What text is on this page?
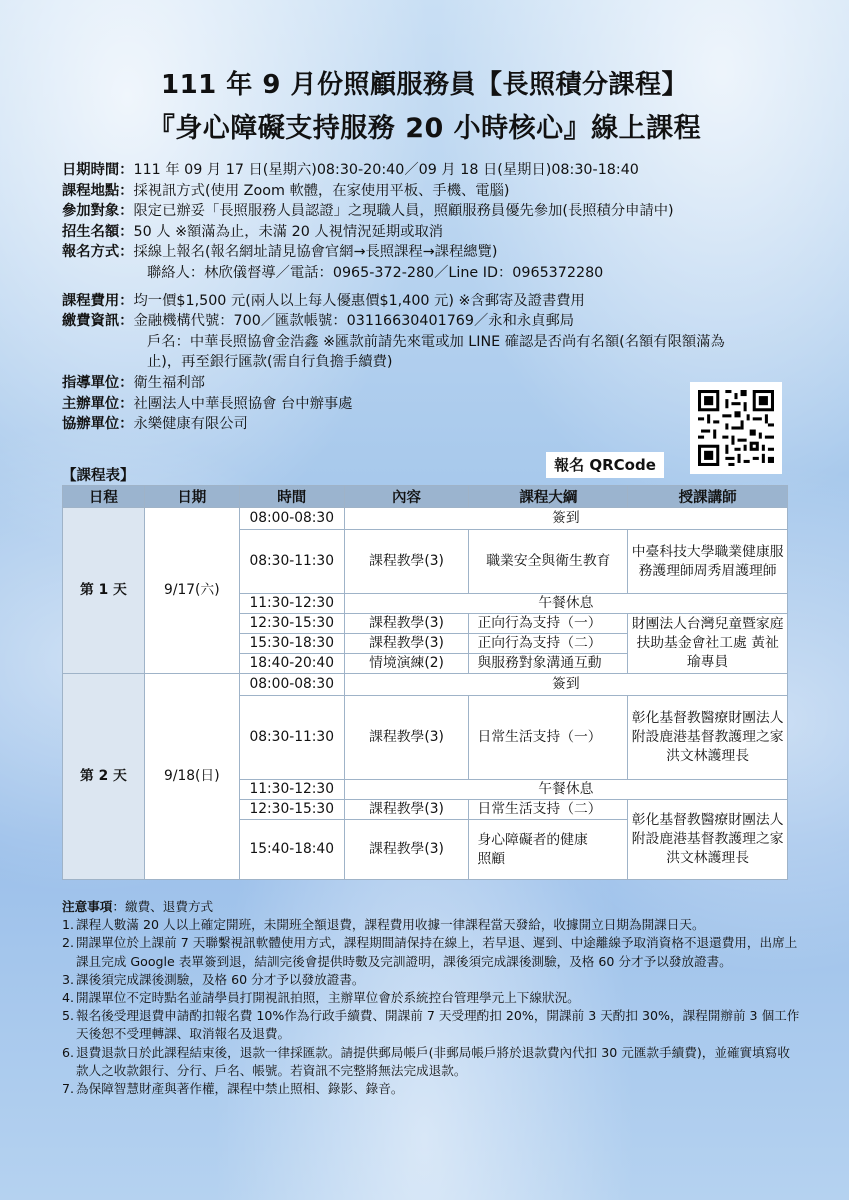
111 年 9 月份照顧服務員【長照積分課程】
『身心障礙支持服務 20 小時核心』線上課程
日期時間： 111 年 09 月 17 日(星期六)08:30-20:40／09 月 18 日(星期日)08:30-18:40
課程地點： 採視訊方式(使用 Zoom 軟體，在家使用平板、手機、電腦)
參加對象： 限定已辦妥「長照服務人員認證」之現職人員，照顧服務員優先參加(長照積分申請中)
招生名額： 50 人 ※額滿為止，未滿 20 人視情況延期或取消
報名方式： 採線上報名(報名網址請見協會官網→長照課程→課程總覽)
聯絡人：林欣儀督導／電話：0965-372-280／Line ID：0965372280
課程費用： 均一價$1,500 元(兩人以上每人優惠價$1,400 元) ※含郵寄及證書費用
繳費資訊： 金融機構代號：700／匯款帳號：03116630401769／永和永貞郵局
戶名：中華長照協會金浩鑫 ※匯款前請先來電或加 LINE 確認是否尚有名額(名額有限額滿為止)，再至銀行匯款(需自行負擔手續費)
指導單位： 衛生福利部
主辦單位： 社團法人中華長照協會 台中辦事處
協辦單位： 永樂健康有限公司
報名 QRCode
【課程表】
日程	日期	時間	內容	課程大綱	授課講師
第 1 天	9/17(六)	08:00-08:30	簽到		
		08:30-11:30	課程教學(3)	職業安全與衛生教育	中臺科技大學職業健康服務護理師周秀眉護理師
		11:30-12:30	午餐休息		
		12:30-15:30	課程教學(3)	正向行為支持（一）	財團法人台灣兒童暨家庭扶助基金會社工處 黃祉瑜專員
		15:30-18:30	課程教學(3)	正向行為支持（二）	
		18:40-20:40	情境演練(2)	與服務對象溝通互動	
第 2 天	9/18(日)	08:00-08:30	簽到		
		08:30-11:30	課程教學(3)	日常生活支持（一）	彰化基督教醫療財團法人附設鹿港基督教護理之家洪文林護理長
		11:30-12:30	午餐休息		
		12:30-15:30	課程教學(3)	日常生活支持（二）	彰化基督教醫療財團法人附設鹿港基督教護理之家洪文林護理長
		15:40-18:40	課程教學(3)	身心障礙者的健康照顧	
注意事項：繳費、退費方式
1. 課程人數滿 20 人以上確定開班，未開班全額退費，課程費用收據一律課程當天發給，收據開立日期為開課日天。
2. 開課單位於上課前 7 天聯繫視訊軟體使用方式，課程期間請保持在線上，若早退、遲到、中途離線予取消資格不退還費用，出席上課且完成 Google 表單簽到退，結訓完後會提供時數及完訓證明，課後須完成課後測驗，及格 60 分才予以發放證書。
3. 課後須完成課後測驗，及格 60 分才予以發放證書。
4. 開課單位不定時點名並請學員打開視訊拍照，主辦單位會於系統控台管理學元上下線狀況。
5. 報名後受理退費申請酌扣報名費 10%作為行政手續費、開課前 7 天受理酌扣 20%，開課前 3 天酌扣 30%，課程開辦前 3 個工作天後恕不受理轉課、取消報名及退費。
6. 退費退款日於此課程結束後，退款一律採匯款。請提供郵局帳戶(非郵局帳戶將於退款費內代扣 30 元匯款手續費)，並確實填寫收款人之收款銀行、分行、戶名、帳號。若資訊不完整將無法完成退款。
7. 為保障智慧財產與著作權，課程中禁止照相、錄影、錄音。
